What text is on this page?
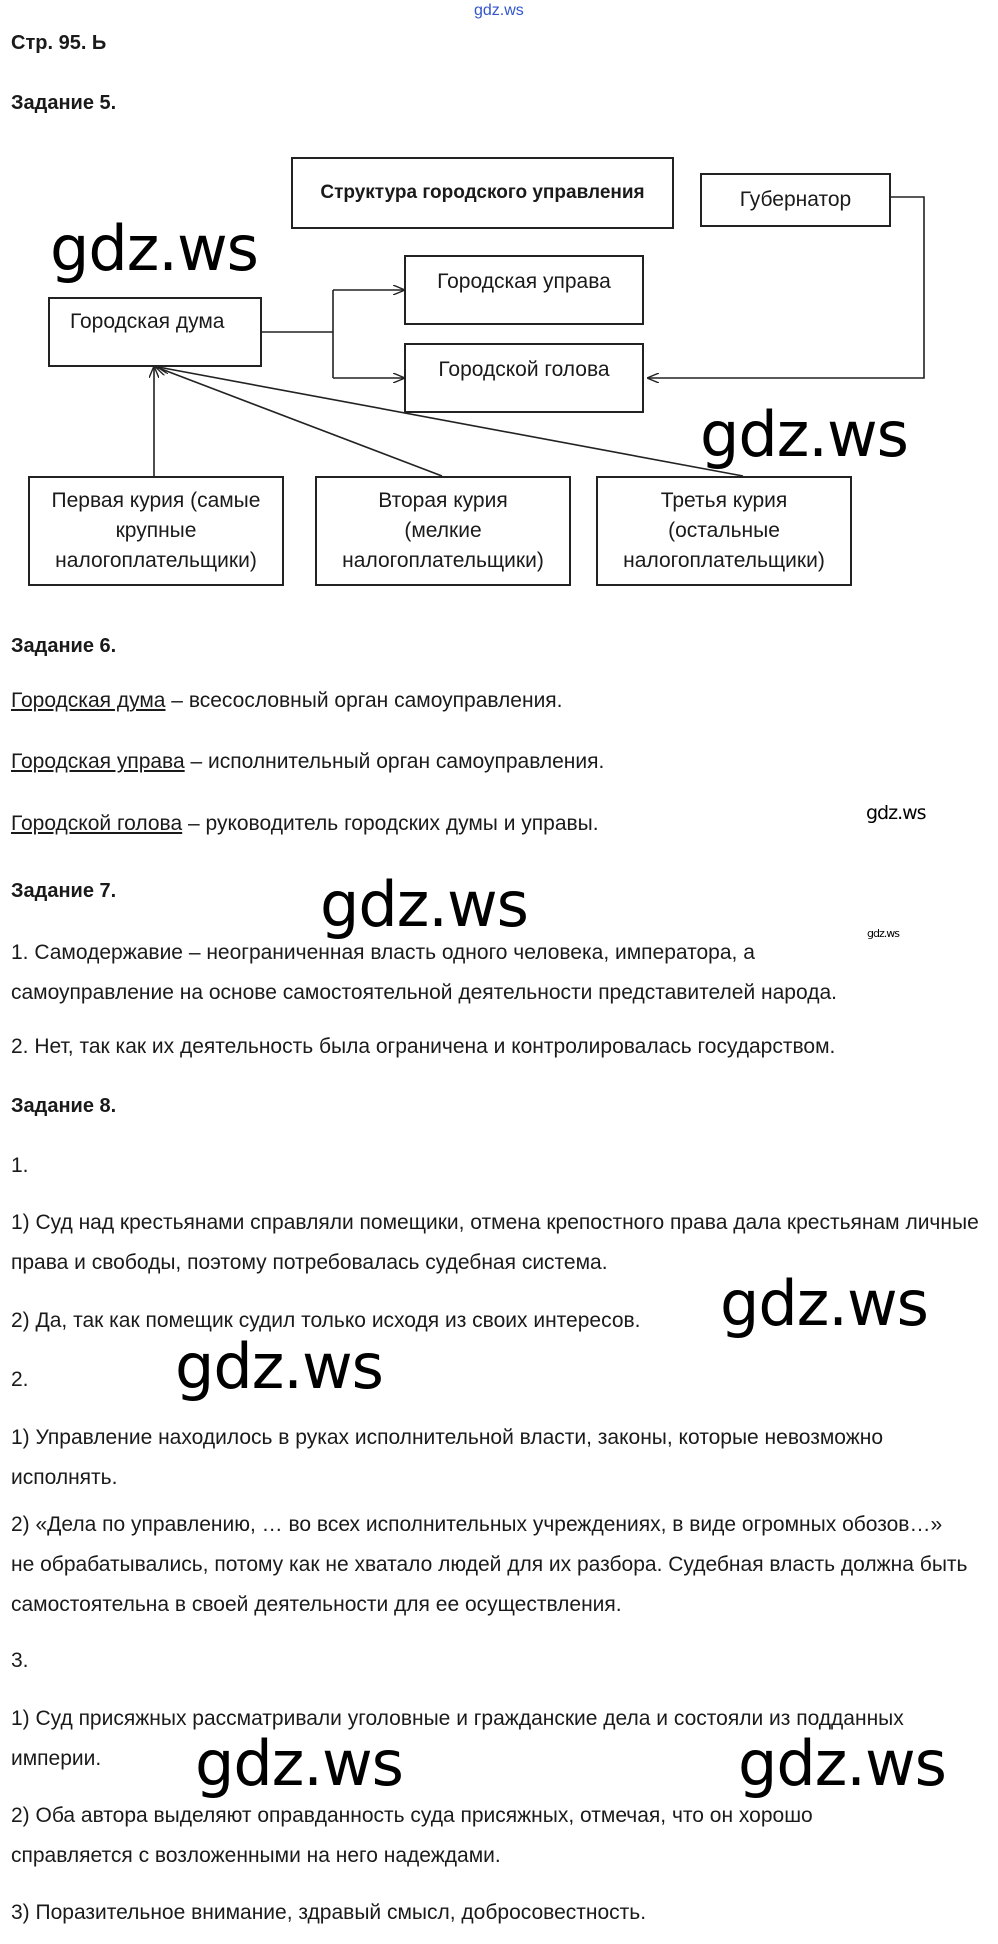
gdz.ws
Стр. 95. Ь
Задание 5.
Структура городского управления	Губернатор
Городская дума
Городская управа
Городской голова
Первая курия (самые крупные налогоплательщики)
Вторая курия (мелкие налогоплательщики)
Третья курия (остальные налогоплательщики)
Задание 6.
Городская дума – всесословный орган самоуправления.
Городская управа – исполнительный орган самоуправления.
Городской голова – руководитель городских думы и управы.
Задание 7.
1. Самодержавие – неограниченная власть одного человека, императора, а самоуправление на основе самостоятельной деятельности представителей народа.
2. Нет, так как их деятельность была ограничена и контролировалась государством.
Задание 8.
1.
1) Суд над крестьянами справляли помещики, отмена крепостного права дала крестьянам личные права и свободы, поэтому потребовалась судебная система.
2) Да, так как помещик судил только исходя из своих интересов.
2.
1) Управление находилось в руках исполнительной власти, законы, которые невозможно исполнять.
2) «Дела по управлению, … во всех исполнительных учреждениях, в виде огромных обозов…» не обрабатывались, потому как не хватало людей для их разбора. Судебная власть должна быть самостоятельна в своей деятельности для ее осуществления.
3.
1) Суд присяжных рассматривали уголовные и гражданские дела и состояли из подданных империи.
2) Оба автора выделяют оправданность суда присяжных, отмечая, что он хорошо справляется с возложенными на него надеждами.
3) Поразительное внимание, здравый смысл, добросовестность.
gdz.ws
gdz.ws
gdz.ws
gdz.ws	gdz.ws
gdz.ws
gdz.ws
gdz.ws	gdz.ws
